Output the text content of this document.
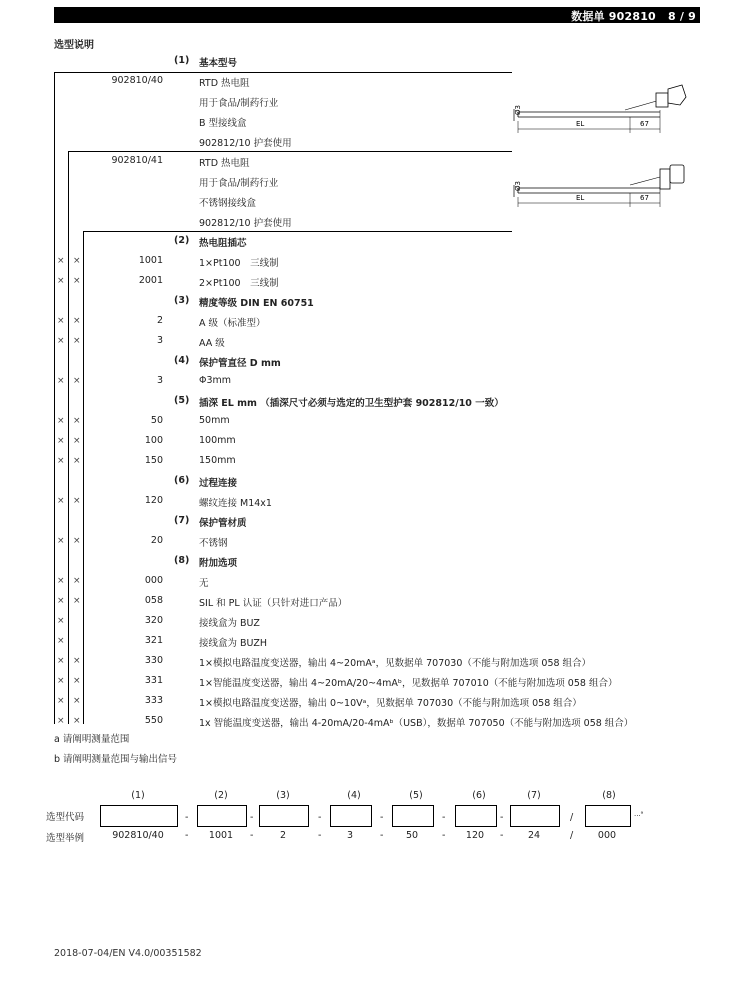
数据单 902810 8 / 9
选型说明
(1) 基本型号
902810/40	RTD 热电阻
用于食品/制药行业
B 型接线盒
902812/10 护套使用
902810/41	RTD 热电阻
用于食品/制药行业
不锈钢接线盒
902812/10 护套使用
Ø3
EL	67
Ø3
EL	67
(2) 热电阻插芯
× ×	1001	1×Pt100　三线制
× ×	2001	2×Pt100　三线制
(3) 精度等级 DIN EN 60751
× ×	2	A 级（标准型）
× ×	3	AA 级
(4) 保护管直径 D mm
× ×	3	Φ3mm
(5) 插深 EL mm （插深尺寸必须与选定的卫生型护套 902812/10 一致）
× ×	50	50mm
× ×	100	100mm
× ×	150	150mm
(6) 过程连接
× ×	120	螺纹连接 M14x1
(7) 保护管材质
× ×	20	不锈钢
(8) 附加选项
× ×	000	无
× ×	058	SIL 和 PL 认证（只针对进口产品）
×	320	接线盒为 BUZ
×	321	接线盒为 BUZH
× ×	330	1×模拟电路温度变送器，输出 4~20mAᵃ，见数据单 707030（不能与附加选项 058 组合）
× ×	331	1×智能温度变送器，输出 4~20mA/20~4mAᵇ，见数据单 707010（不能与附加选项 058 组合）
× ×	333	1×模拟电路温度变送器，输出 0~10Vᵃ，见数据单 707030（不能与附加选项 058 组合）
× ×	550	1x 智能温度变送器，输出 4-20mA/20-4mAᵇ（USB），数据单 707050（不能与附加选项 058 组合）
a 请阐明测量范围
b 请阐明测量范围与输出信号
选型代码
选型举例
(1)	(2)	(3)	(4)	(5)	(6)	(7)	(8)
...ᵃ
-	-	-	-	-	-	/
902810/40	-	1001	-	2	-	3	-	50	-	120	-	24	/	000
2018-07-04/EN V4.0/00351582
